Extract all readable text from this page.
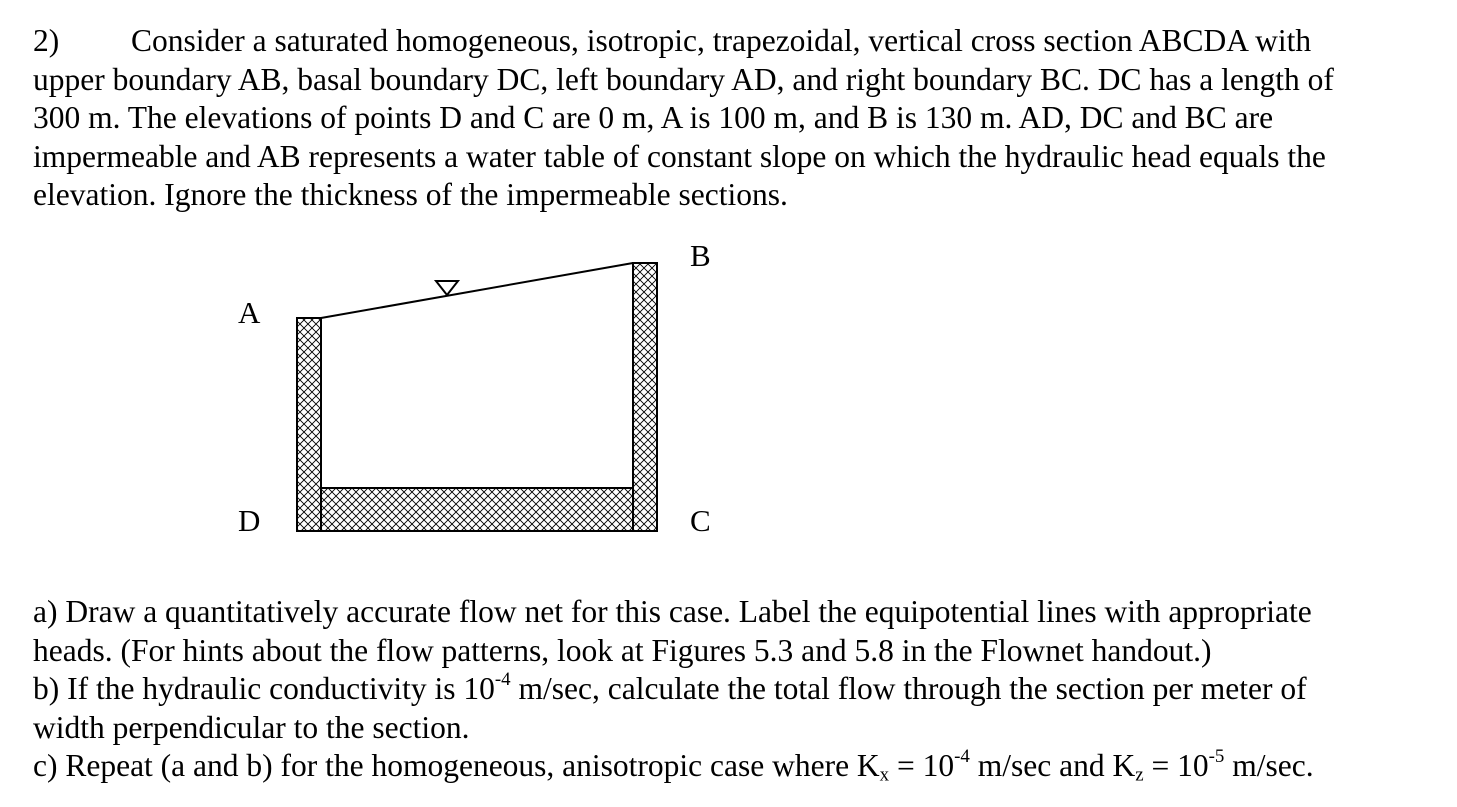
2) Consider a saturated homogeneous, isotropic, trapezoidal, vertical cross section ABCDA with
upper boundary AB, basal boundary DC, left boundary AD, and right boundary BC. DC has a length of
300 m. The elevations of points D and C are 0 m, A is 100 m, and B is 130 m. AD, DC and BC are
impermeable and AB represents a water table of constant slope on which the hydraulic head equals the
elevation. Ignore the thickness of the impermeable sections.
A
B
C
D
a) Draw a quantitatively accurate flow net for this case. Label the equipotential lines with appropriate
heads. (For hints about the flow patterns, look at Figures 5.3 and 5.8 in the Flownet handout.)
b) If the hydraulic conductivity is $10^{-4}$ m/sec, calculate the total flow through the section per meter of
width perpendicular to the section.
c) Repeat (a and b) for the homogeneous, anisotropic case where $K_x = 10^{-4}$ m/sec and $K_z = 10^{-5}$ m/sec.
